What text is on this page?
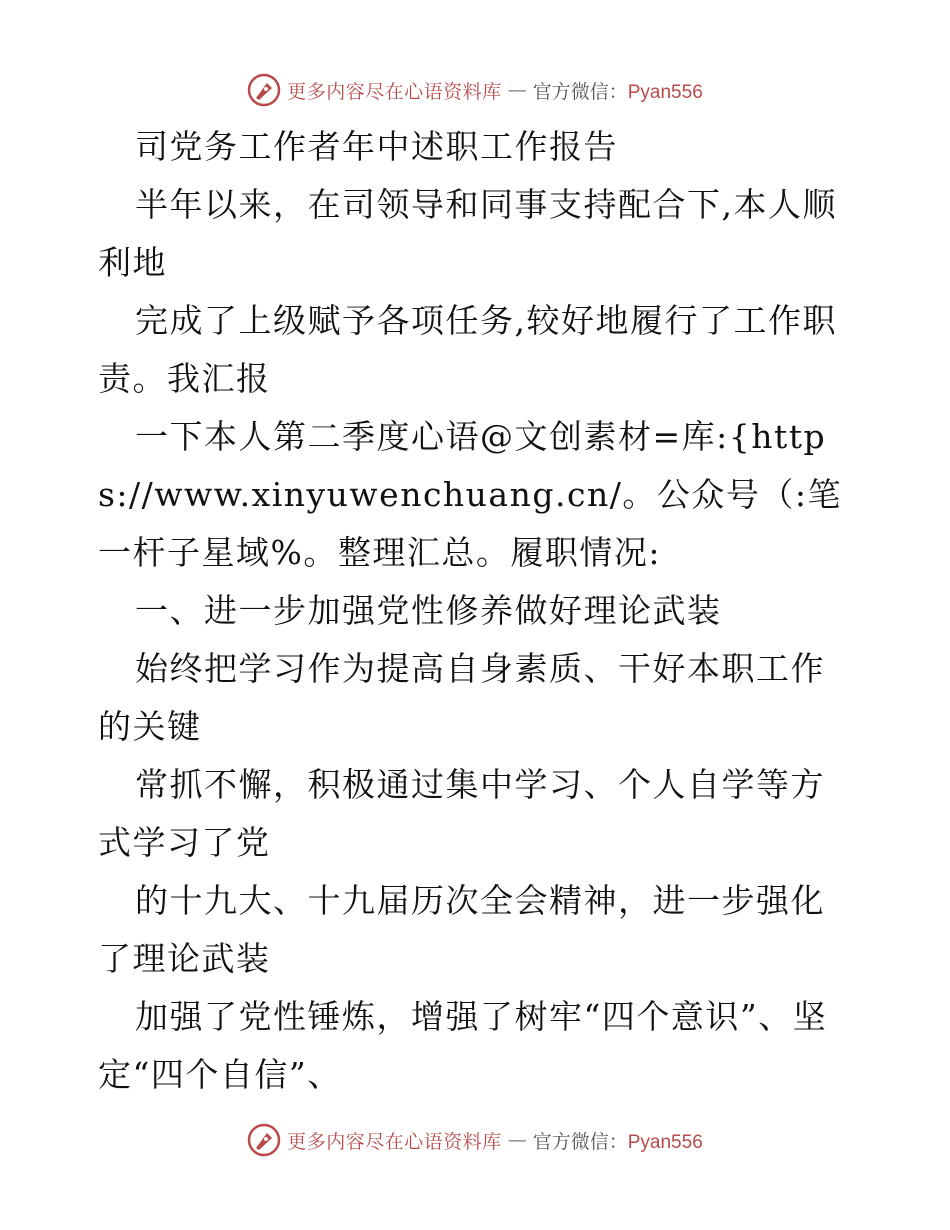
更多内容尽在心语资料库 — 官方微信：Pyan556

司党务工作者年中述职工作报告

半年以来，在司领导和同事支持配合下,本人顺利地

完成了上级赋予各项任务,较好地履行了工作职责。我汇报

一下本人第二季度心语@文创素材=库:{https://www.xinyuwenchuang.cn/。公众号（:笔一杆子星域%。整理汇总。履职情况:

一、进一步加强党性修养做好理论武装

始终把学习作为提高自身素质、干好本职工作的关键

常抓不懈，积极通过集中学习、个人自学等方式学习了党

的十九大、十九届历次全会精神，进一步强化了理论武装

加强了党性锤炼，增强了树牢“四个意识”、坚定“四个自信”、

更多内容尽在心语资料库 — 官方微信：Pyan556
